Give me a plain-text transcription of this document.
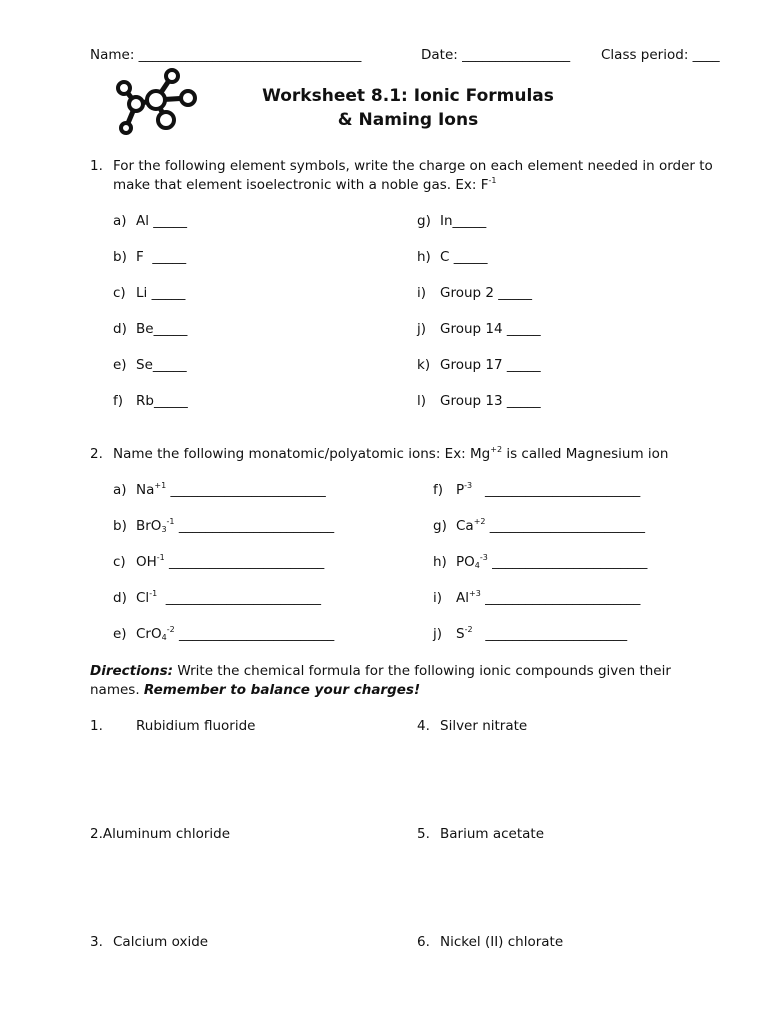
Name: _________________________________	Date: ________________ Class period: ____
Worksheet 8.1: Ionic Formulas
& Naming Ions
1. For the following element symbols, write the charge on each element needed in order to
make that element isoelectronic with a noble gas. Ex: $F^{-1}$
a) Al _____
b) F  _____
c) Li _____
d) Be_____
e) Se_____
f) Rb_____
g) In_____
h) C _____
i) Group 2 _____
j) Group 14 _____
k) Group 17 _____
l) Group 13 _____
2. Name the following monatomic/polyatomic ions: Ex: $Mg^{+2}$ is called Magnesium ion
a) $Na^{+1}$ _______________________
b) BrO$_3^{-1}$ _______________________
c) $OH^{-1}$ _______________________
d) $Cl^{-1}$  _______________________
e) CrO$_4^{-2}$ _______________________
f) $P^{-3}$   _______________________
g) $Ca^{+2}$ _______________________
h) $PO_4^{-3}$ _______________________
i) $Al^{+3}$ _______________________
j) $S^{-2}$   _____________________
Directions: Write the chemical formula for the following ionic compounds given their
names. Remember to balance your charges!
1. Rubidium fluoride
2.Aluminum chloride
3. Calcium oxide
4. Silver nitrate
5. Barium acetate
6. Nickel (II) chlorate
